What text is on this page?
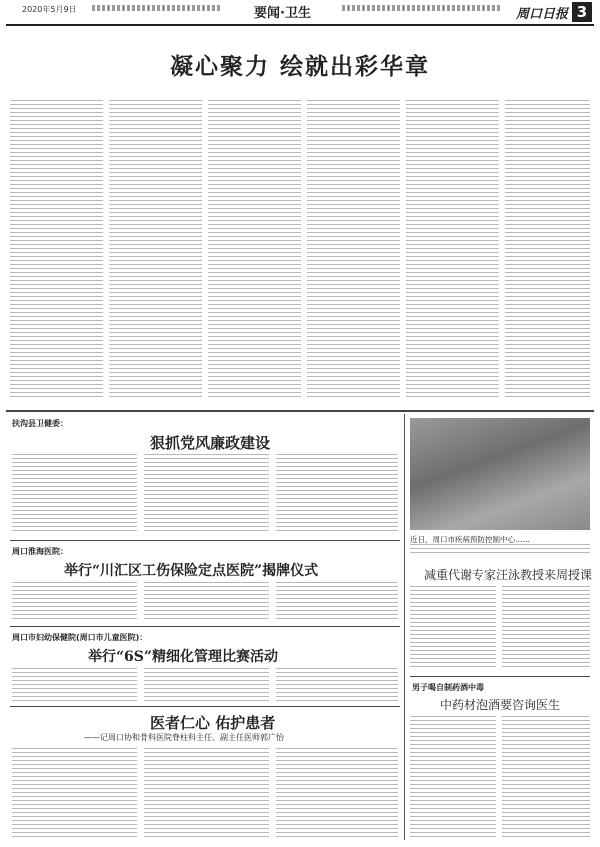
2020年5月9日	要闻·卫生	周口日报 3
凝心聚力 绘就出彩华章
扶沟县卫健委：
狠抓党风廉政建设
周口淮海医院：
举行“川汇区工伤保险定点医院”揭牌仪式
周口市妇幼保健院(周口市儿童医院)：
举行“6S”精细化管理比赛活动
医者仁心 佑护患者
——记周口协和骨科医院脊柱科主任、副主任医师郭广怡
近日，周口市疾病预防控制中心……
减重代谢专家汪泳教授来周授课
男子喝自制药酒中毒
中药材泡酒要咨询医生
